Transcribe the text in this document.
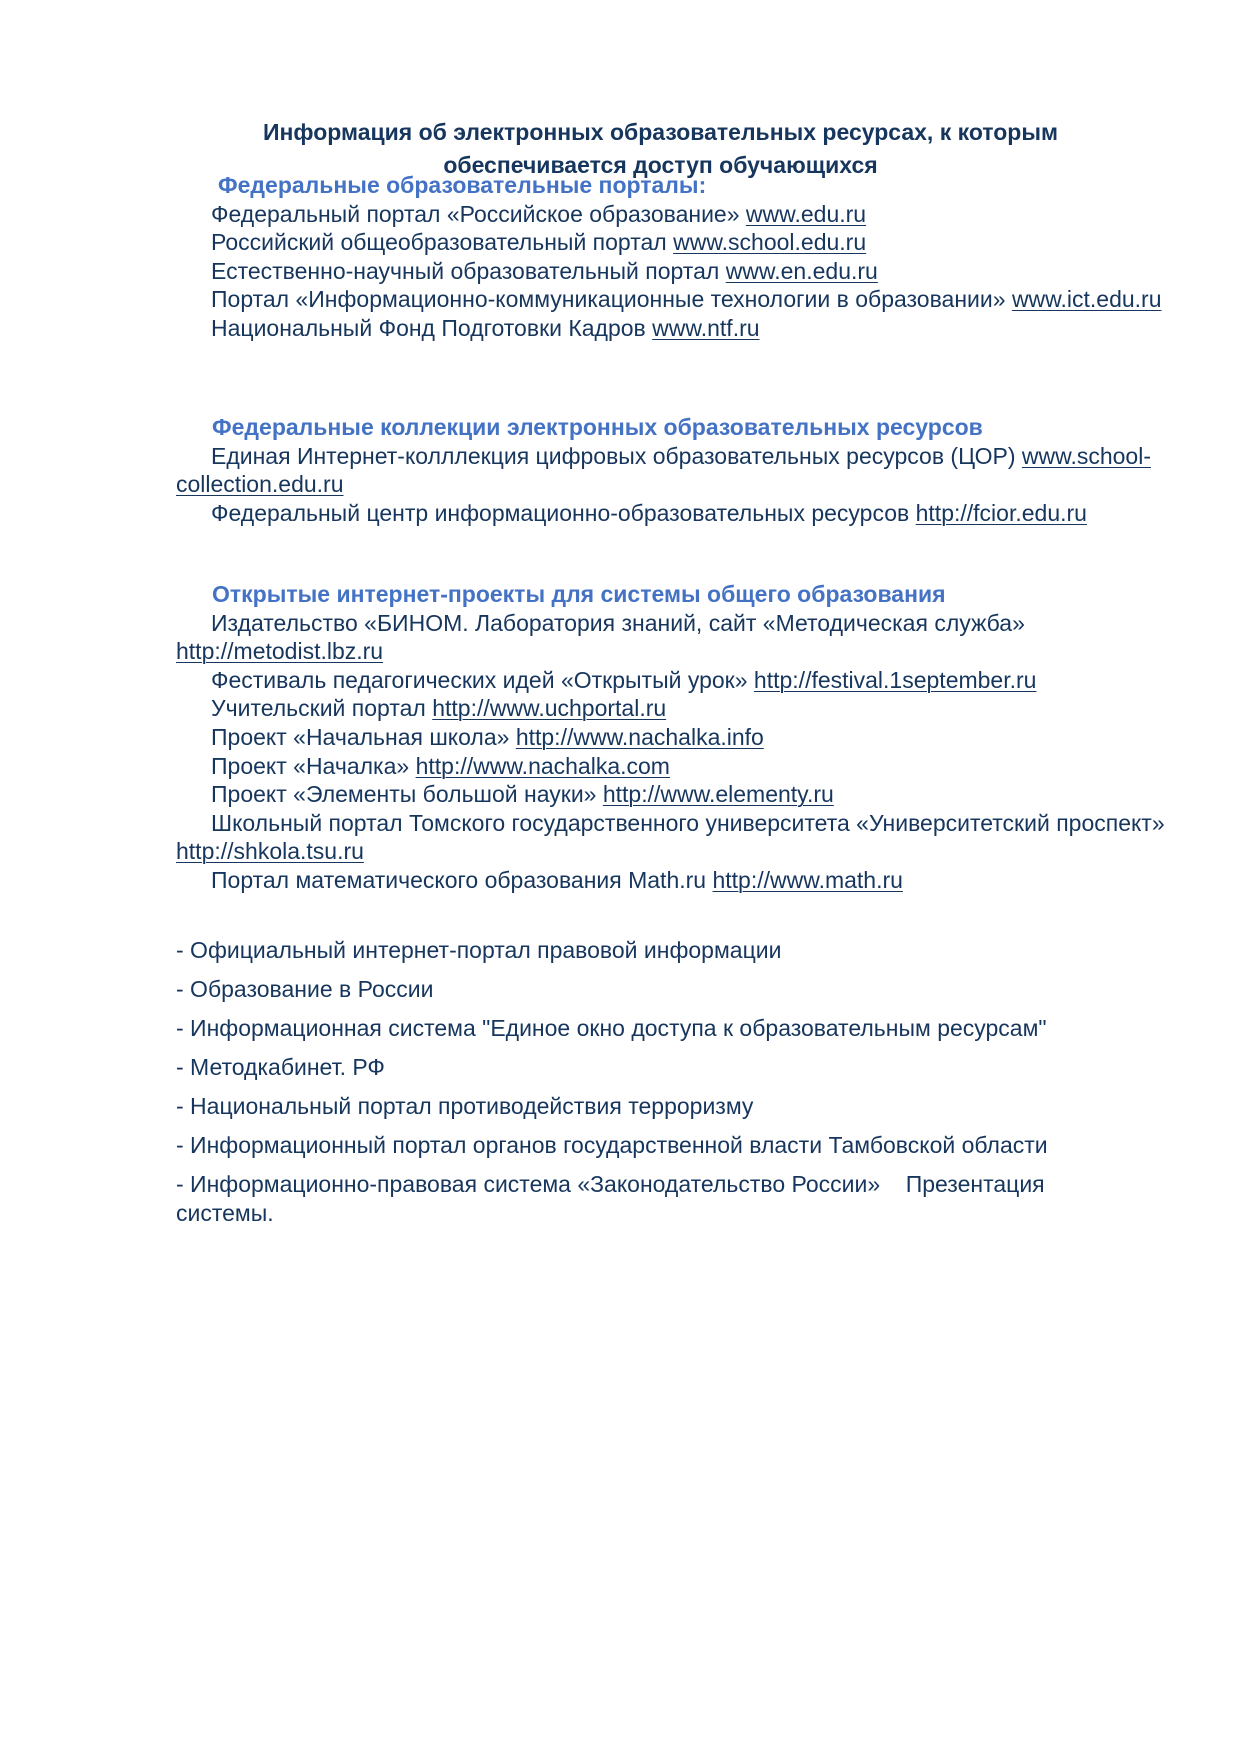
Информация об электронных образовательных ресурсах, к которым обеспечивается доступ обучающихся
Федеральные образовательные порталы:

Федеральный портал «Российское образование» www.edu.ru

Российский общеобразовательный портал www.school.edu.ru

Естественно-научный образовательный портал www.en.edu.ru

Портал «Информационно-коммуникационные технологии в образовании» www.ict.edu.ru

Национальный Фонд Подготовки Кадров www.ntf.ru

Федеральные коллекции электронных образовательных ресурсов

Единая Интернет-колллекция цифровых образовательных ресурсов (ЦОР) www.school-collection.edu.ru

Федеральный центр информационно-образовательных ресурсов http://fcior.edu.ru

Открытые интернет-проекты для системы общего образования

Издательство «БИНОМ. Лаборатория знаний, сайт «Методическая служба» http://metodist.lbz.ru

Фестиваль педагогических идей «Открытый урок» http://festival.1september.ru

Учительский портал http://www.uchportal.ru

Проект «Начальная школа» http://www.nachalka.info

Проект «Началка» http://www.nachalka.com

Проект «Элементы большой науки» http://www.elementy.ru

Школьный портал Томского государственного университета «Университетский проспект» http://shkola.tsu.ru

Портал математического образования Math.ru http://www.math.ru

- Официальный интернет-портал правовой информации

- Образование в России

- Информационная система "Единое окно доступа к образовательным ресурсам"

- Методкабинет. РФ

- Национальный портал противодействия терроризму

- Информационный портал органов государственной власти Тамбовской области

- Информационно-правовая система «Законодательство России»    Презентация системы.
